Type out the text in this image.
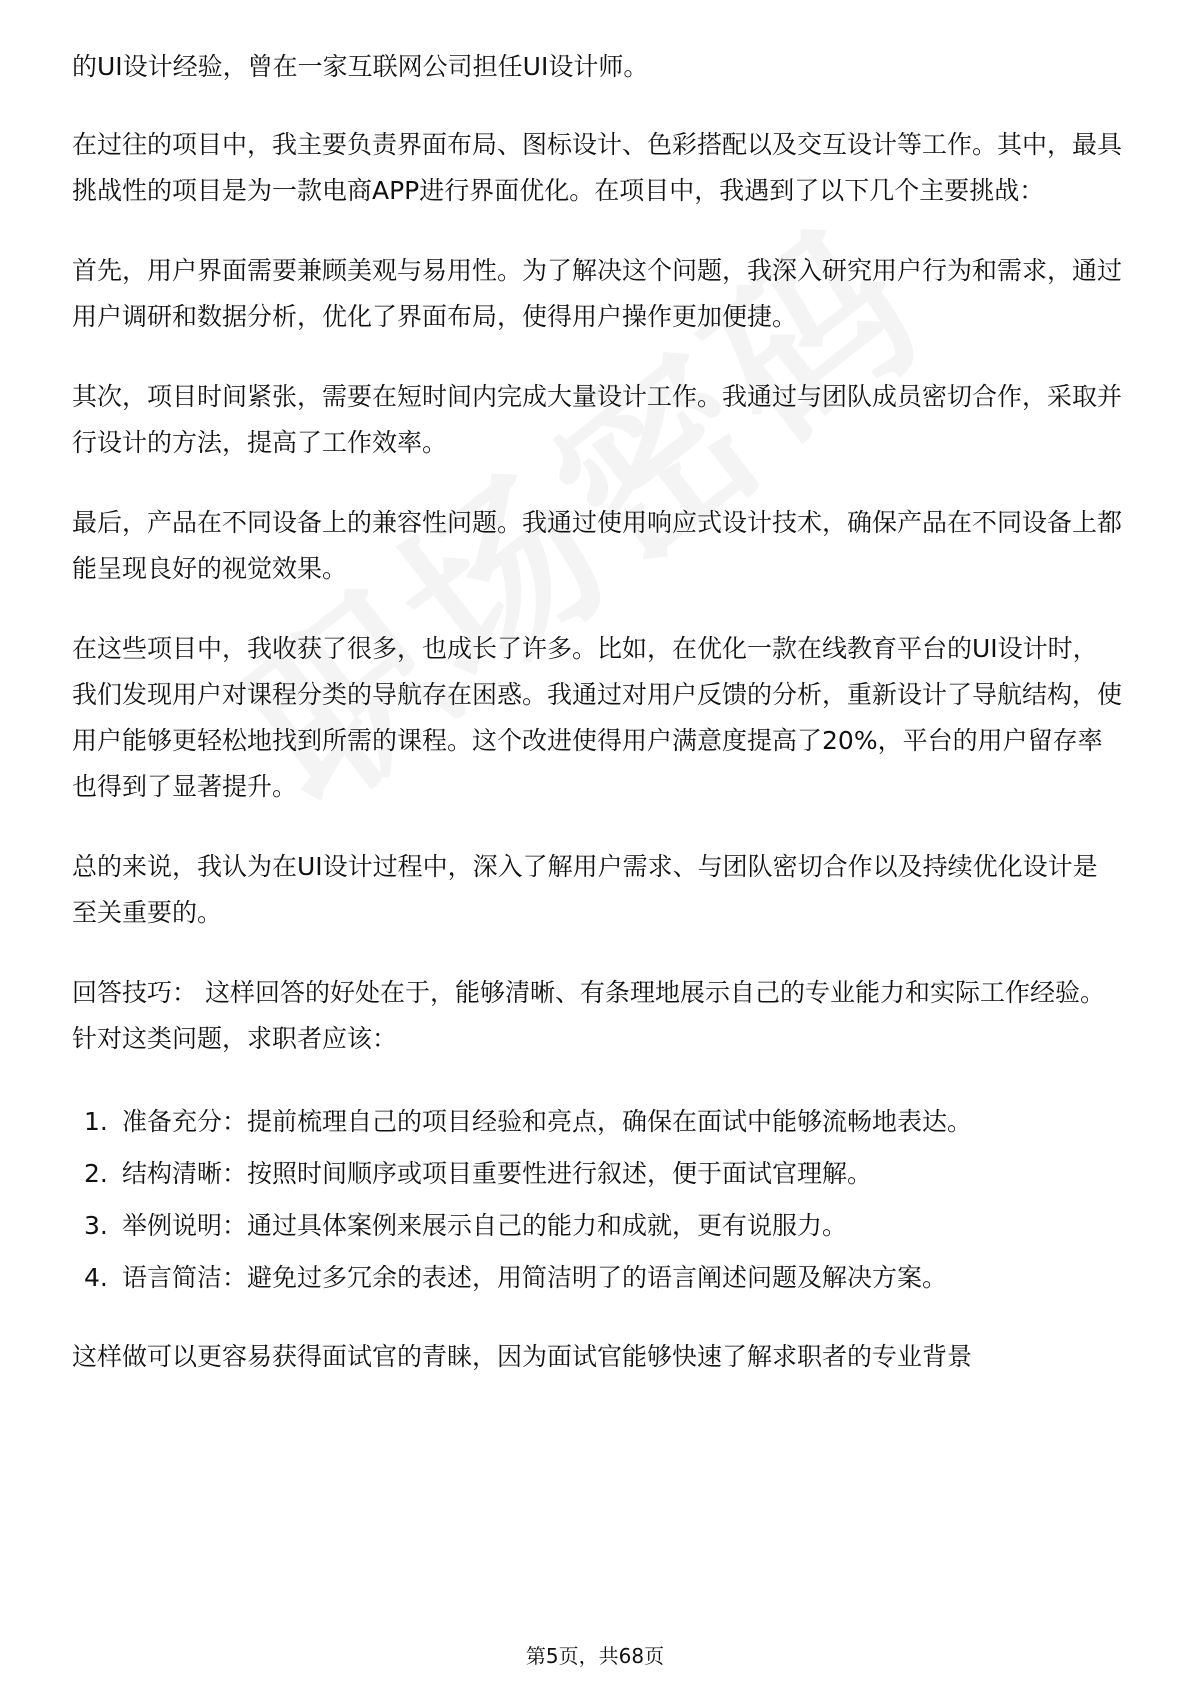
的UI设计经验，曾在一家互联网公司担任UI设计师。

在过往的项目中，我主要负责界面布局、图标设计、色彩搭配以及交互设计等工作。其中，最具挑战性的项目是为一款电商APP进行界面优化。在项目中，我遇到了以下几个主要挑战：

首先，用户界面需要兼顾美观与易用性。为了解决这个问题，我深入研究用户行为和需求，通过用户调研和数据分析，优化了界面布局，使得用户操作更加便捷。

其次，项目时间紧张，需要在短时间内完成大量设计工作。我通过与团队成员密切合作，采取并行设计的方法，提高了工作效率。

最后，产品在不同设备上的兼容性问题。我通过使用响应式设计技术，确保产品在不同设备上都能呈现良好的视觉效果。

在这些项目中，我收获了很多，也成长了许多。比如，在优化一款在线教育平台的UI设计时，我们发现用户对课程分类的导航存在困惑。我通过对用户反馈的分析，重新设计了导航结构，使用户能够更轻松地找到所需的课程。这个改进使得用户满意度提高了20%，平台的用户留存率也得到了显著提升。

总的来说，我认为在UI设计过程中，深入了解用户需求、与团队密切合作以及持续优化设计是至关重要的。

回答技巧： 这样回答的好处在于，能够清晰、有条理地展示自己的专业能力和实际工作经验。针对这类问题，求职者应该：

1. 准备充分：提前梳理自己的项目经验和亮点，确保在面试中能够流畅地表达。
2. 结构清晰：按照时间顺序或项目重要性进行叙述，便于面试官理解。
3. 举例说明：通过具体案例来展示自己的能力和成就，更有说服力。
4. 语言简洁：避免过多冗余的表述，用简洁明了的语言阐述问题及解决方案。

这样做可以更容易获得面试官的青睐，因为面试官能够快速了解求职者的专业背景

第5页，共68页
